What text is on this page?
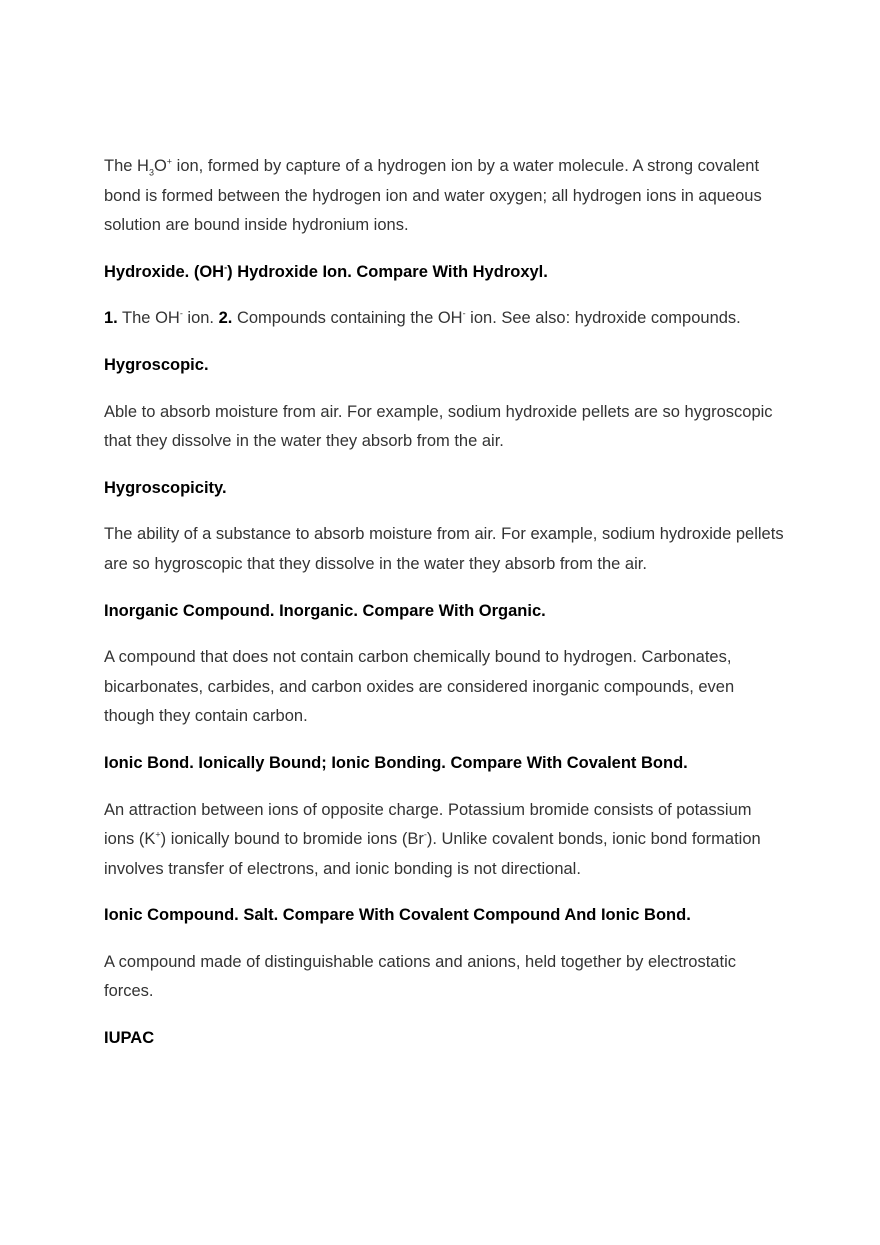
The $H_3O^+$ ion, formed by capture of a hydrogen ion by a water molecule. A strong covalent bond is formed between the hydrogen ion and water oxygen; all hydrogen ions in aqueous solution are bound inside hydronium ions.

Hydroxide. (OH-) Hydroxide Ion. Compare With Hydroxyl.

1. The OH- ion. 2. Compounds containing the OH- ion. See also: hydroxide compounds.

Hygroscopic.

Able to absorb moisture from air. For example, sodium hydroxide pellets are so hygroscopic that they dissolve in the water they absorb from the air.

Hygroscopicity.

The ability of a substance to absorb moisture from air. For example, sodium hydroxide pellets are so hygroscopic that they dissolve in the water they absorb from the air.

Inorganic Compound. Inorganic. Compare With Organic.

A compound that does not contain carbon chemically bound to hydrogen. Carbonates, bicarbonates, carbides, and carbon oxides are considered inorganic compounds, even though they contain carbon.

Ionic Bond. Ionically Bound; Ionic Bonding. Compare With Covalent Bond.

An attraction between ions of opposite charge. Potassium bromide consists of potassium ions (K+) ionically bound to bromide ions (Br-). Unlike covalent bonds, ionic bond formation involves transfer of electrons, and ionic bonding is not directional.

Ionic Compound. Salt. Compare With Covalent Compound And Ionic Bond.

A compound made of distinguishable cations and anions, held together by electrostatic forces.

IUPAC
